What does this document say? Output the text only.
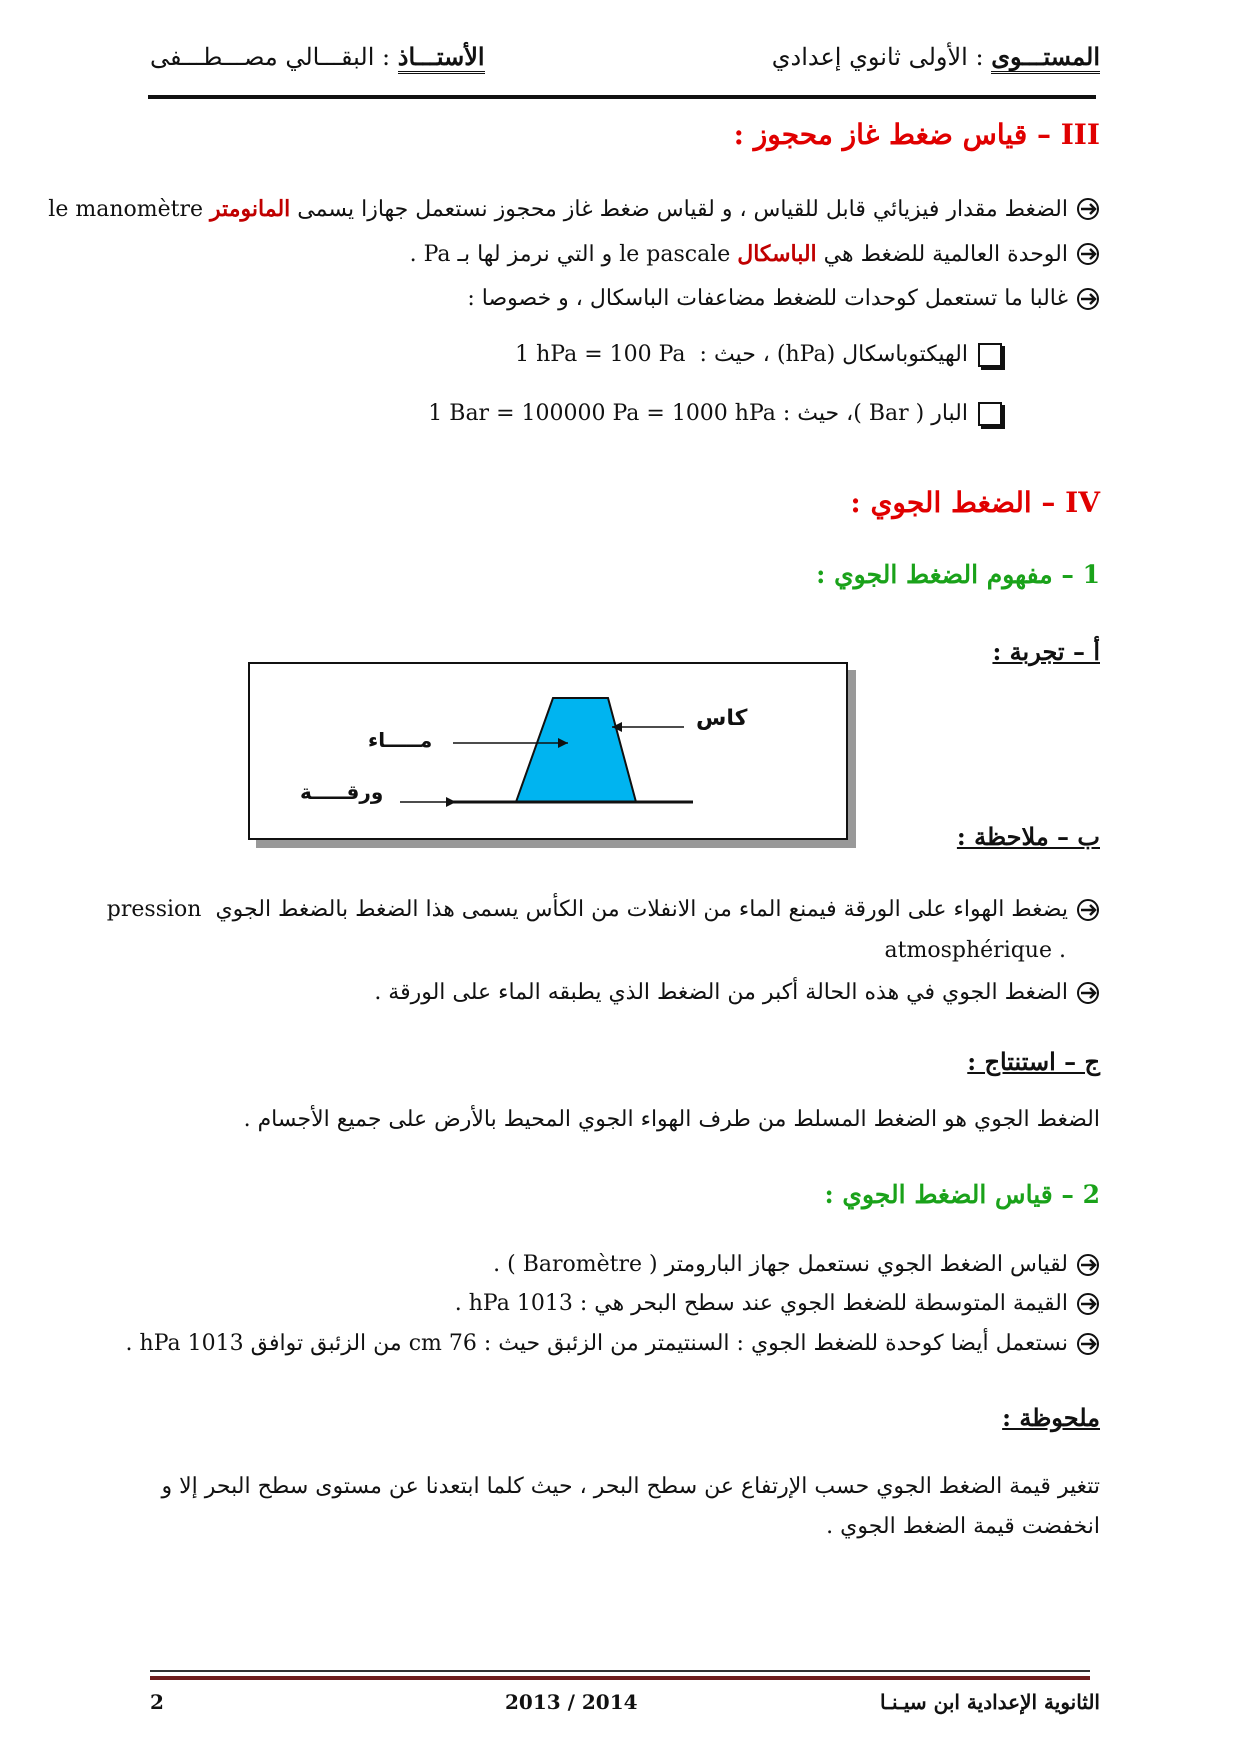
المستـــوى : الأولى ثانوي إعدادي
الأستـــاذ : البقـــالي مصـــطـــفى
III – قياس ضغط غاز محجوز :
الضغط مقدار فيزيائي قابل للقياس ، و لقياس ضغط غاز محجوز نستعمل جهازا يسمى

المانومتر

le manomètre
الوحدة العالمية للضغط هي

الباسكال

le pascale

و التي نرمز لها بـ Pa .
غالبا ما تستعمل كوحدات للضغط مضاعفات الباسكال ، و خصوصا :
الهيكتوباسكال (hPa) ، حيث :

1 hPa = 100 Pa
البار ( Bar )، حيث :

1 Bar = 100000 Pa = 1000 hPa
IV – الضغط الجوي :
1 – مفهوم الضغط الجوي :
أ – تجربة :
كاس
مـــــاء
ورقـــــة
ب – ملاحظة :
يضغط الهواء على الورقة فيمنع الماء من الانفلات من الكأس يسمى هذا الضغط بالضغط الجوي

pression
. atmosphérique
الضغط الجوي في هذه الحالة أكبر من الضغط الذي يطبقه الماء على الورقة .
ج – استنتاج :
الضغط الجوي هو الضغط المسلط من طرف الهواء الجوي المحيط بالأرض على جميع الأجسام .
2 – قياس الضغط الجوي :
لقياس الضغط الجوي نستعمل جهاز البارومتر ( Baromètre ) .
القيمة المتوسطة للضغط الجوي عند سطح البحر هي : 1013 hPa .
نستعمل أيضا كوحدة للضغط الجوي : السنتيمتر من الزئبق حيث : 76 cm من الزئبق توافق 1013 hPa .
ملحوظة :
تتغير قيمة الضغط الجوي حسب الإرتفاع عن سطح البحر ، حيث كلما ابتعدنا عن مستوى سطح البحر إلا و انخفضت قيمة الضغط الجوي .
الثانوية الإعدادية ابن سيـنـا
2013 / 2014
2
